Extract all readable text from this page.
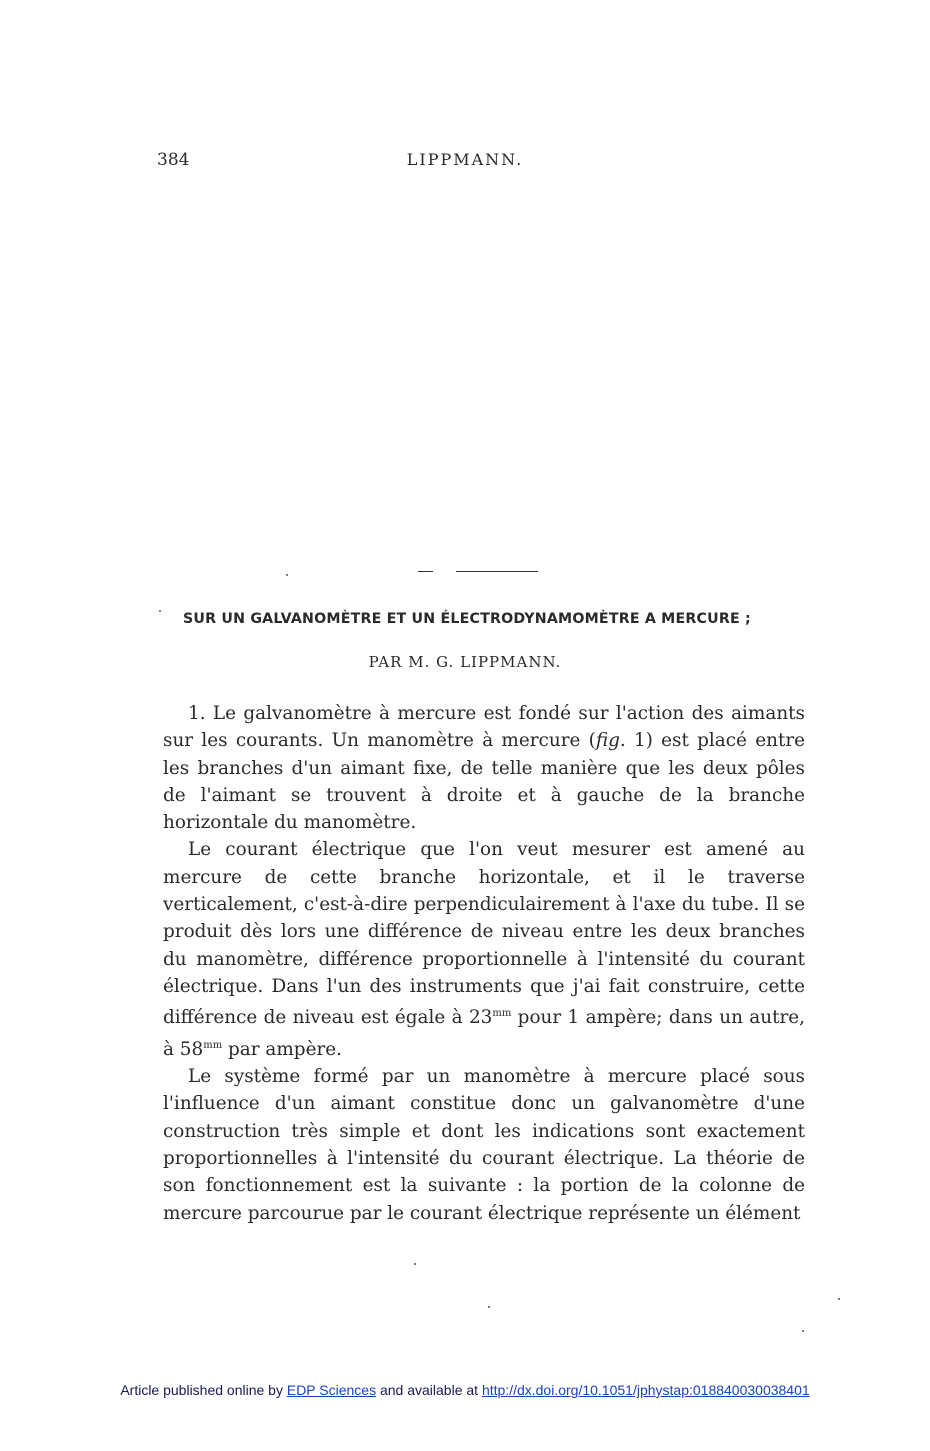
384	LIPPMANN.
SUR UN GALVANOMÈTRE ET UN ÉLECTRODYNAMOMÈTRE A MERCURE ;
PAR M. G. LIPPMANN.

1. Le galvanomètre à mercure est fondé sur l'action des aimants sur les courants. Un manomètre à mercure (fig. 1) est placé entre les branches d'un aimant fixe, de telle manière que les deux pôles de l'aimant se trouvent à droite et à gauche de la branche horizontale du manomètre.

Le courant électrique que l'on veut mesurer est amené au mercure de cette branche horizontale, et il le traverse verticalement, c'est-à-dire perpendiculairement à l'axe du tube. Il se produit dès lors une différence de niveau entre les deux branches du manomètre, différence proportionnelle à l'intensité du courant électrique. Dans l'un des instruments que j'ai fait construire, cette différence de niveau est égale à $23^{mm}$ pour 1 ampère; dans un autre, à $58^{mm}$ par ampère.

Le système formé par un manomètre à mercure placé sous l'influence d'un aimant constitue donc un galvanomètre d'une construction très simple et dont les indications sont exactement proportionnelles à l'intensité du courant électrique. La théorie de son fonctionnement est la suivante : la portion de la colonne de mercure parcourue par le courant électrique représente un élément

Article published online by EDP Sciences and available at http://dx.doi.org/10.1051/jphystap:018840030038401
